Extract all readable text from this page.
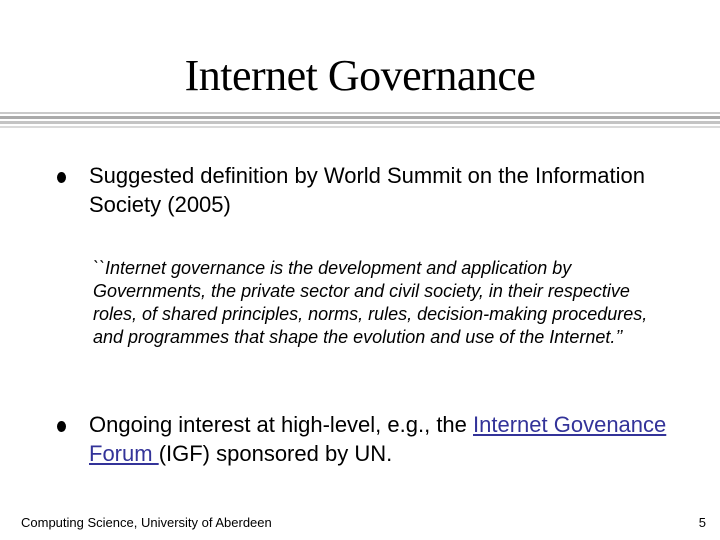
Internet Governance
Suggested definition by World Summit on the Information Society (2005)
``Internet governance is the development and application by Governments, the private sector and civil society, in their respective roles, of shared principles, norms, rules, decision-making procedures, and programmes that shape the evolution and use of the Internet.’’
Ongoing interest at high-level, e.g., the Internet Govenance Forum (IGF) sponsored by UN.
Computing Science, University of Aberdeen	5
